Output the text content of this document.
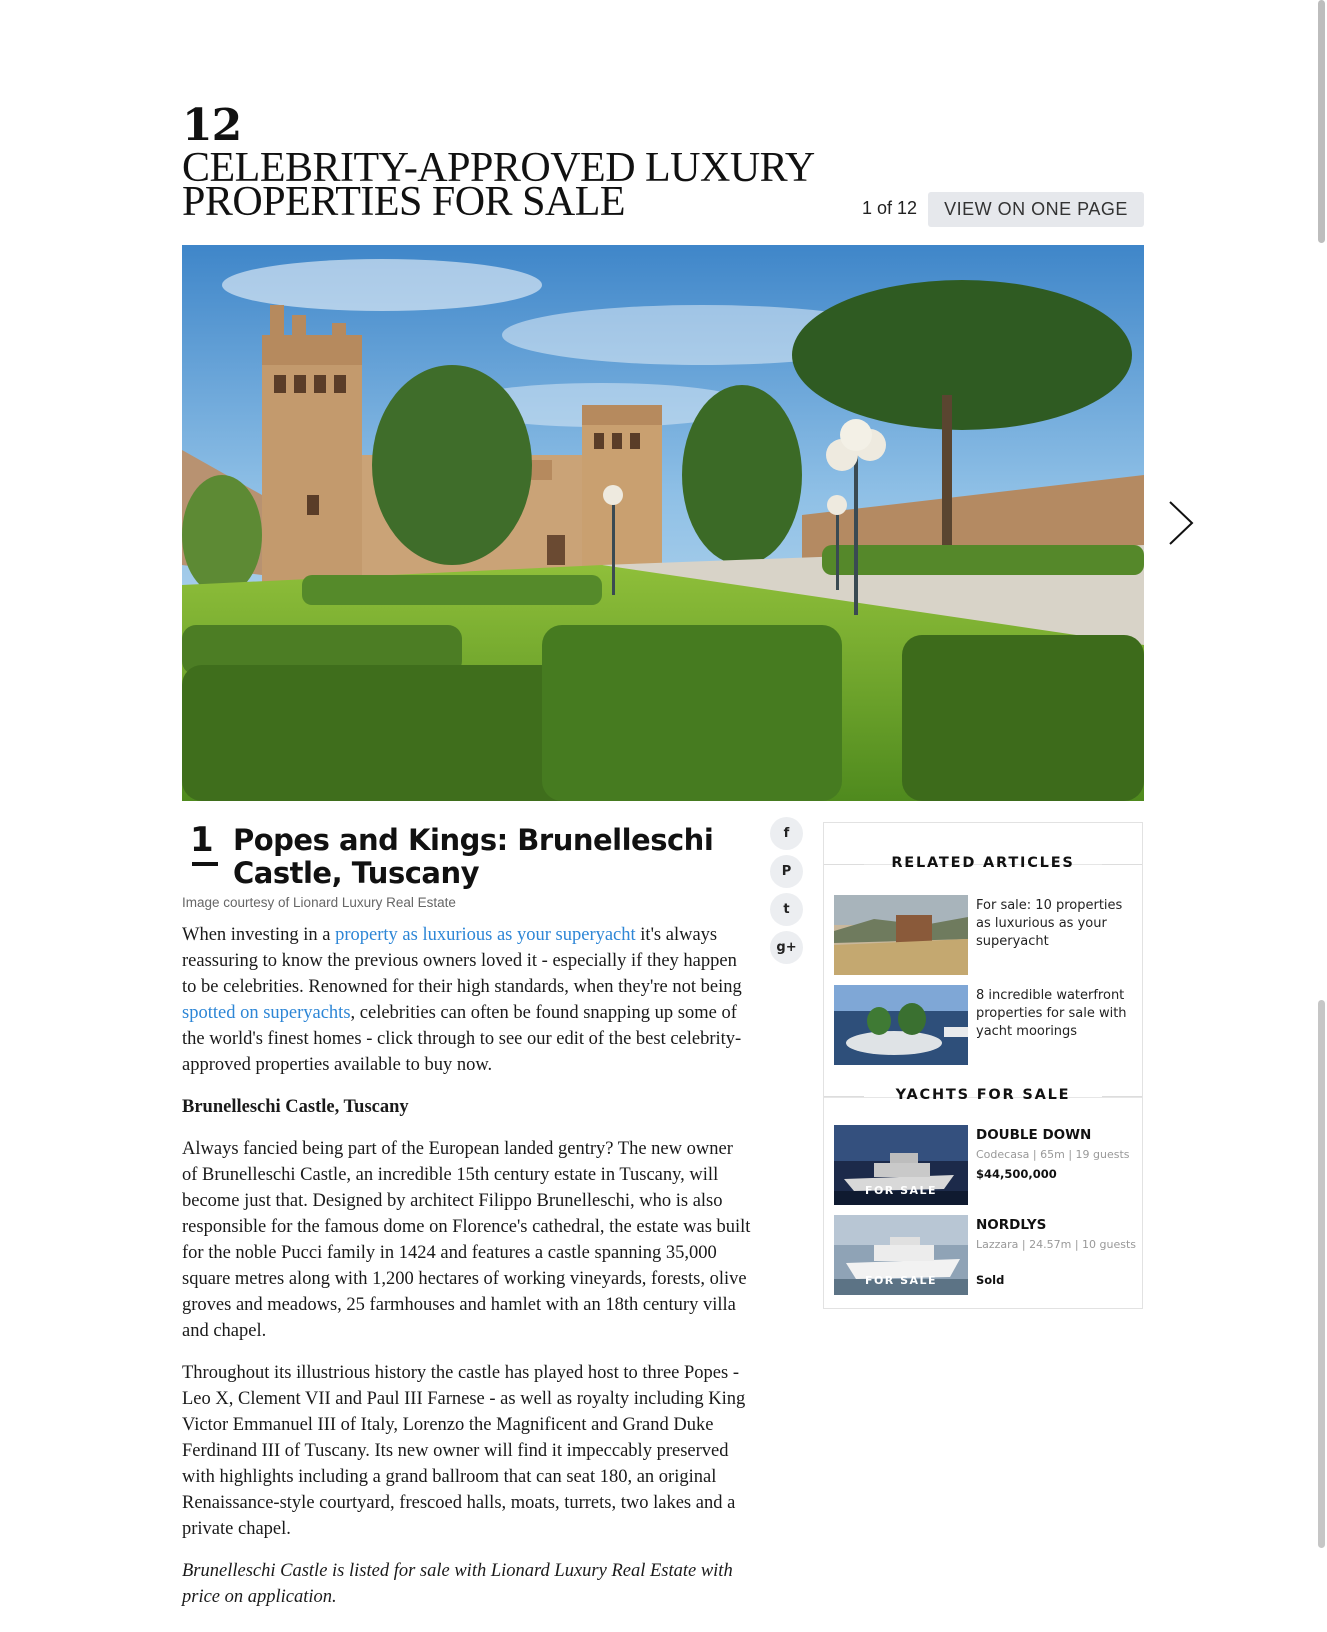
12
CELEBRITY-APPROVED LUXURY PROPERTIES FOR SALE	1 of 12	VIEW ON ONE PAGE
1 Popes and Kings: Brunelleschi Castle, Tuscany
Image courtesy of Lionard Luxury Real Estate

When investing in a property as luxurious as your superyacht it's always reassuring to know the previous owners loved it - especially if they happen to be celebrities. Renowned for their high standards, when they're not being spotted on superyachts, celebrities can often be found snapping up some of the world's finest homes - click through to see our edit of the best celebrity-approved properties available to buy now.

Brunelleschi Castle, Tuscany

Always fancied being part of the European landed gentry? The new owner of Brunelleschi Castle, an incredible 15th century estate in Tuscany, will become just that. Designed by architect Filippo Brunelleschi, who is also responsible for the famous dome on Florence's cathedral, the estate was built for the noble Pucci family in 1424 and features a castle spanning 35,000 square metres along with 1,200 hectares of working vineyards, forests, olive groves and meadows, 25 farmhouses and hamlet with an 18th century villa and chapel.

Throughout its illustrious history the castle has played host to three Popes - Leo X, Clement VII and Paul III Farnese - as well as royalty including King Victor Emmanuel III of Italy, Lorenzo the Magnificent and Grand Duke Ferdinand III of Tuscany. Its new owner will find it impeccably preserved with highlights including a grand ballroom that can seat 180, an original Renaissance-style courtyard, frescoed halls, moats, turrets, two lakes and a private chapel.

Brunelleschi Castle is listed for sale with Lionard Luxury Real Estate with price on application.

f
P
t
g+
RELATED ARTICLES
For sale: 10 properties as luxurious as your superyacht
8 incredible waterfront properties for sale with yacht moorings
YACHTS FOR SALE
FOR SALE
DOUBLE DOWN
Codecasa | 65m | 19 guests
$44,500,000
FOR SALE
NORDLYS
Lazzara | 24.57m | 10 guests
Sold
